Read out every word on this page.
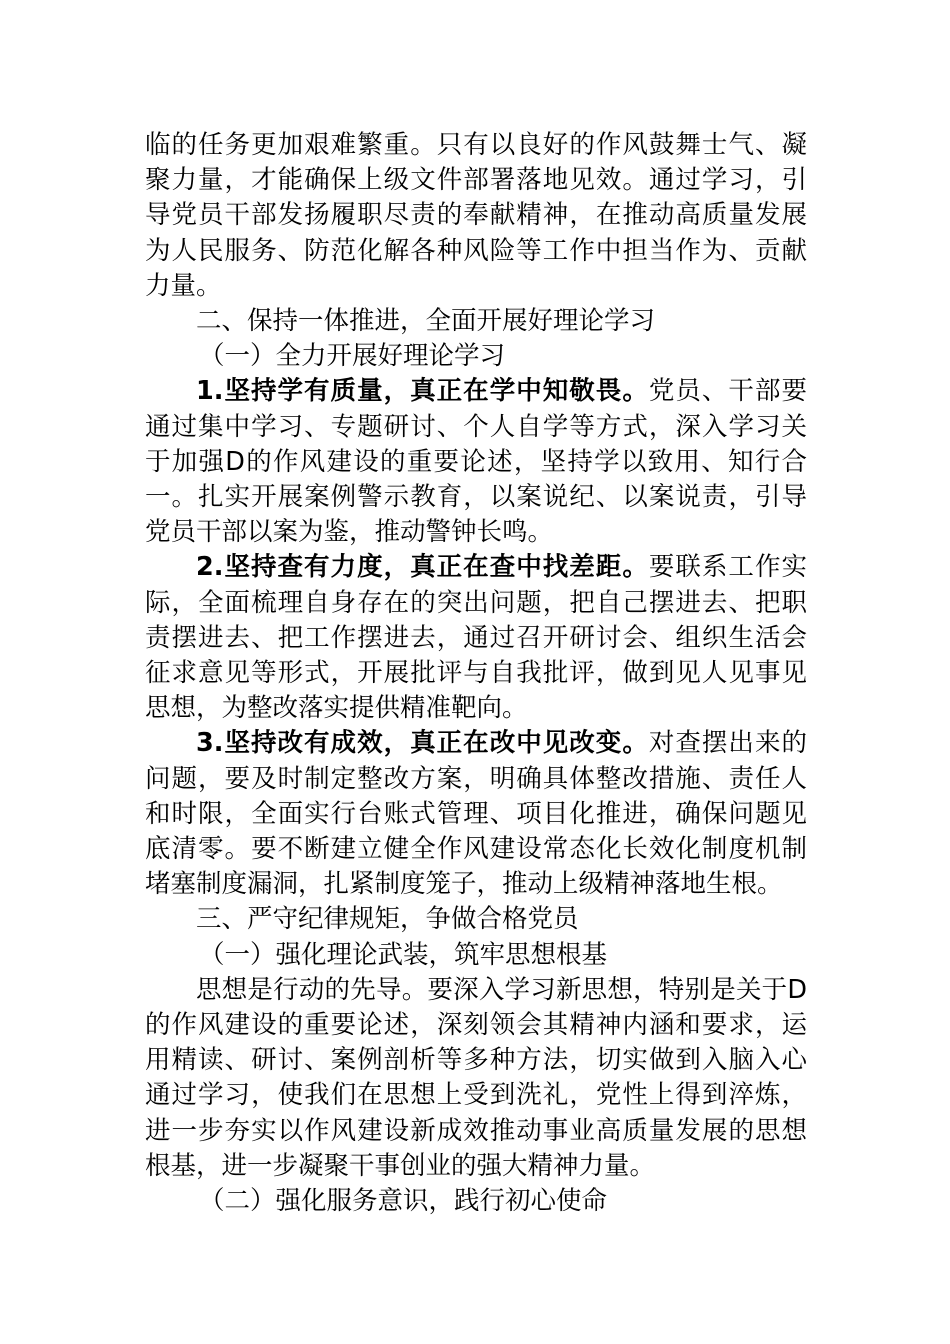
临的任务更加艰难繁重。只有以良好的作风鼓舞士气、凝聚力量，才能确保上级文件部署落地见效。通过学习，引导党员干部发扬履职尽责的奉献精神，在推动高质量发展为人民服务、防范化解各种风险等工作中担当作为、贡献力量。

二、保持一体推进，全面开展好理论学习

（一）全力开展好理论学习

1.坚持学有质量，真正在学中知敬畏。党员、干部要通过集中学习、专题研讨、个人自学等方式，深入学习关于加强D的作风建设的重要论述，坚持学以致用、知行合一。扎实开展案例警示教育，以案说纪、以案说责，引导党员干部以案为鉴，推动警钟长鸣。

2.坚持查有力度，真正在查中找差距。要联系工作实际，全面梳理自身存在的突出问题，把自己摆进去、把职责摆进去、把工作摆进去，通过召开研讨会、组织生活会征求意见等形式，开展批评与自我批评，做到见人见事见思想，为整改落实提供精准靶向。

3.坚持改有成效，真正在改中见改变。对查摆出来的问题，要及时制定整改方案，明确具体整改措施、责任人和时限，全面实行台账式管理、项目化推进，确保问题见底清零。要不断建立健全作风建设常态化长效化制度机制堵塞制度漏洞，扎紧制度笼子，推动上级精神落地生根。

三、严守纪律规矩，争做合格党员

（一）强化理论武装，筑牢思想根基

思想是行动的先导。要深入学习新思想，特别是关于D的作风建设的重要论述，深刻领会其精神内涵和要求，运用精读、研讨、案例剖析等多种方法，切实做到入脑入心通过学习，使我们在思想上受到洗礼，党性上得到淬炼，进一步夯实以作风建设新成效推动事业高质量发展的思想根基，进一步凝聚干事创业的强大精神力量。

（二）强化服务意识，践行初心使命
